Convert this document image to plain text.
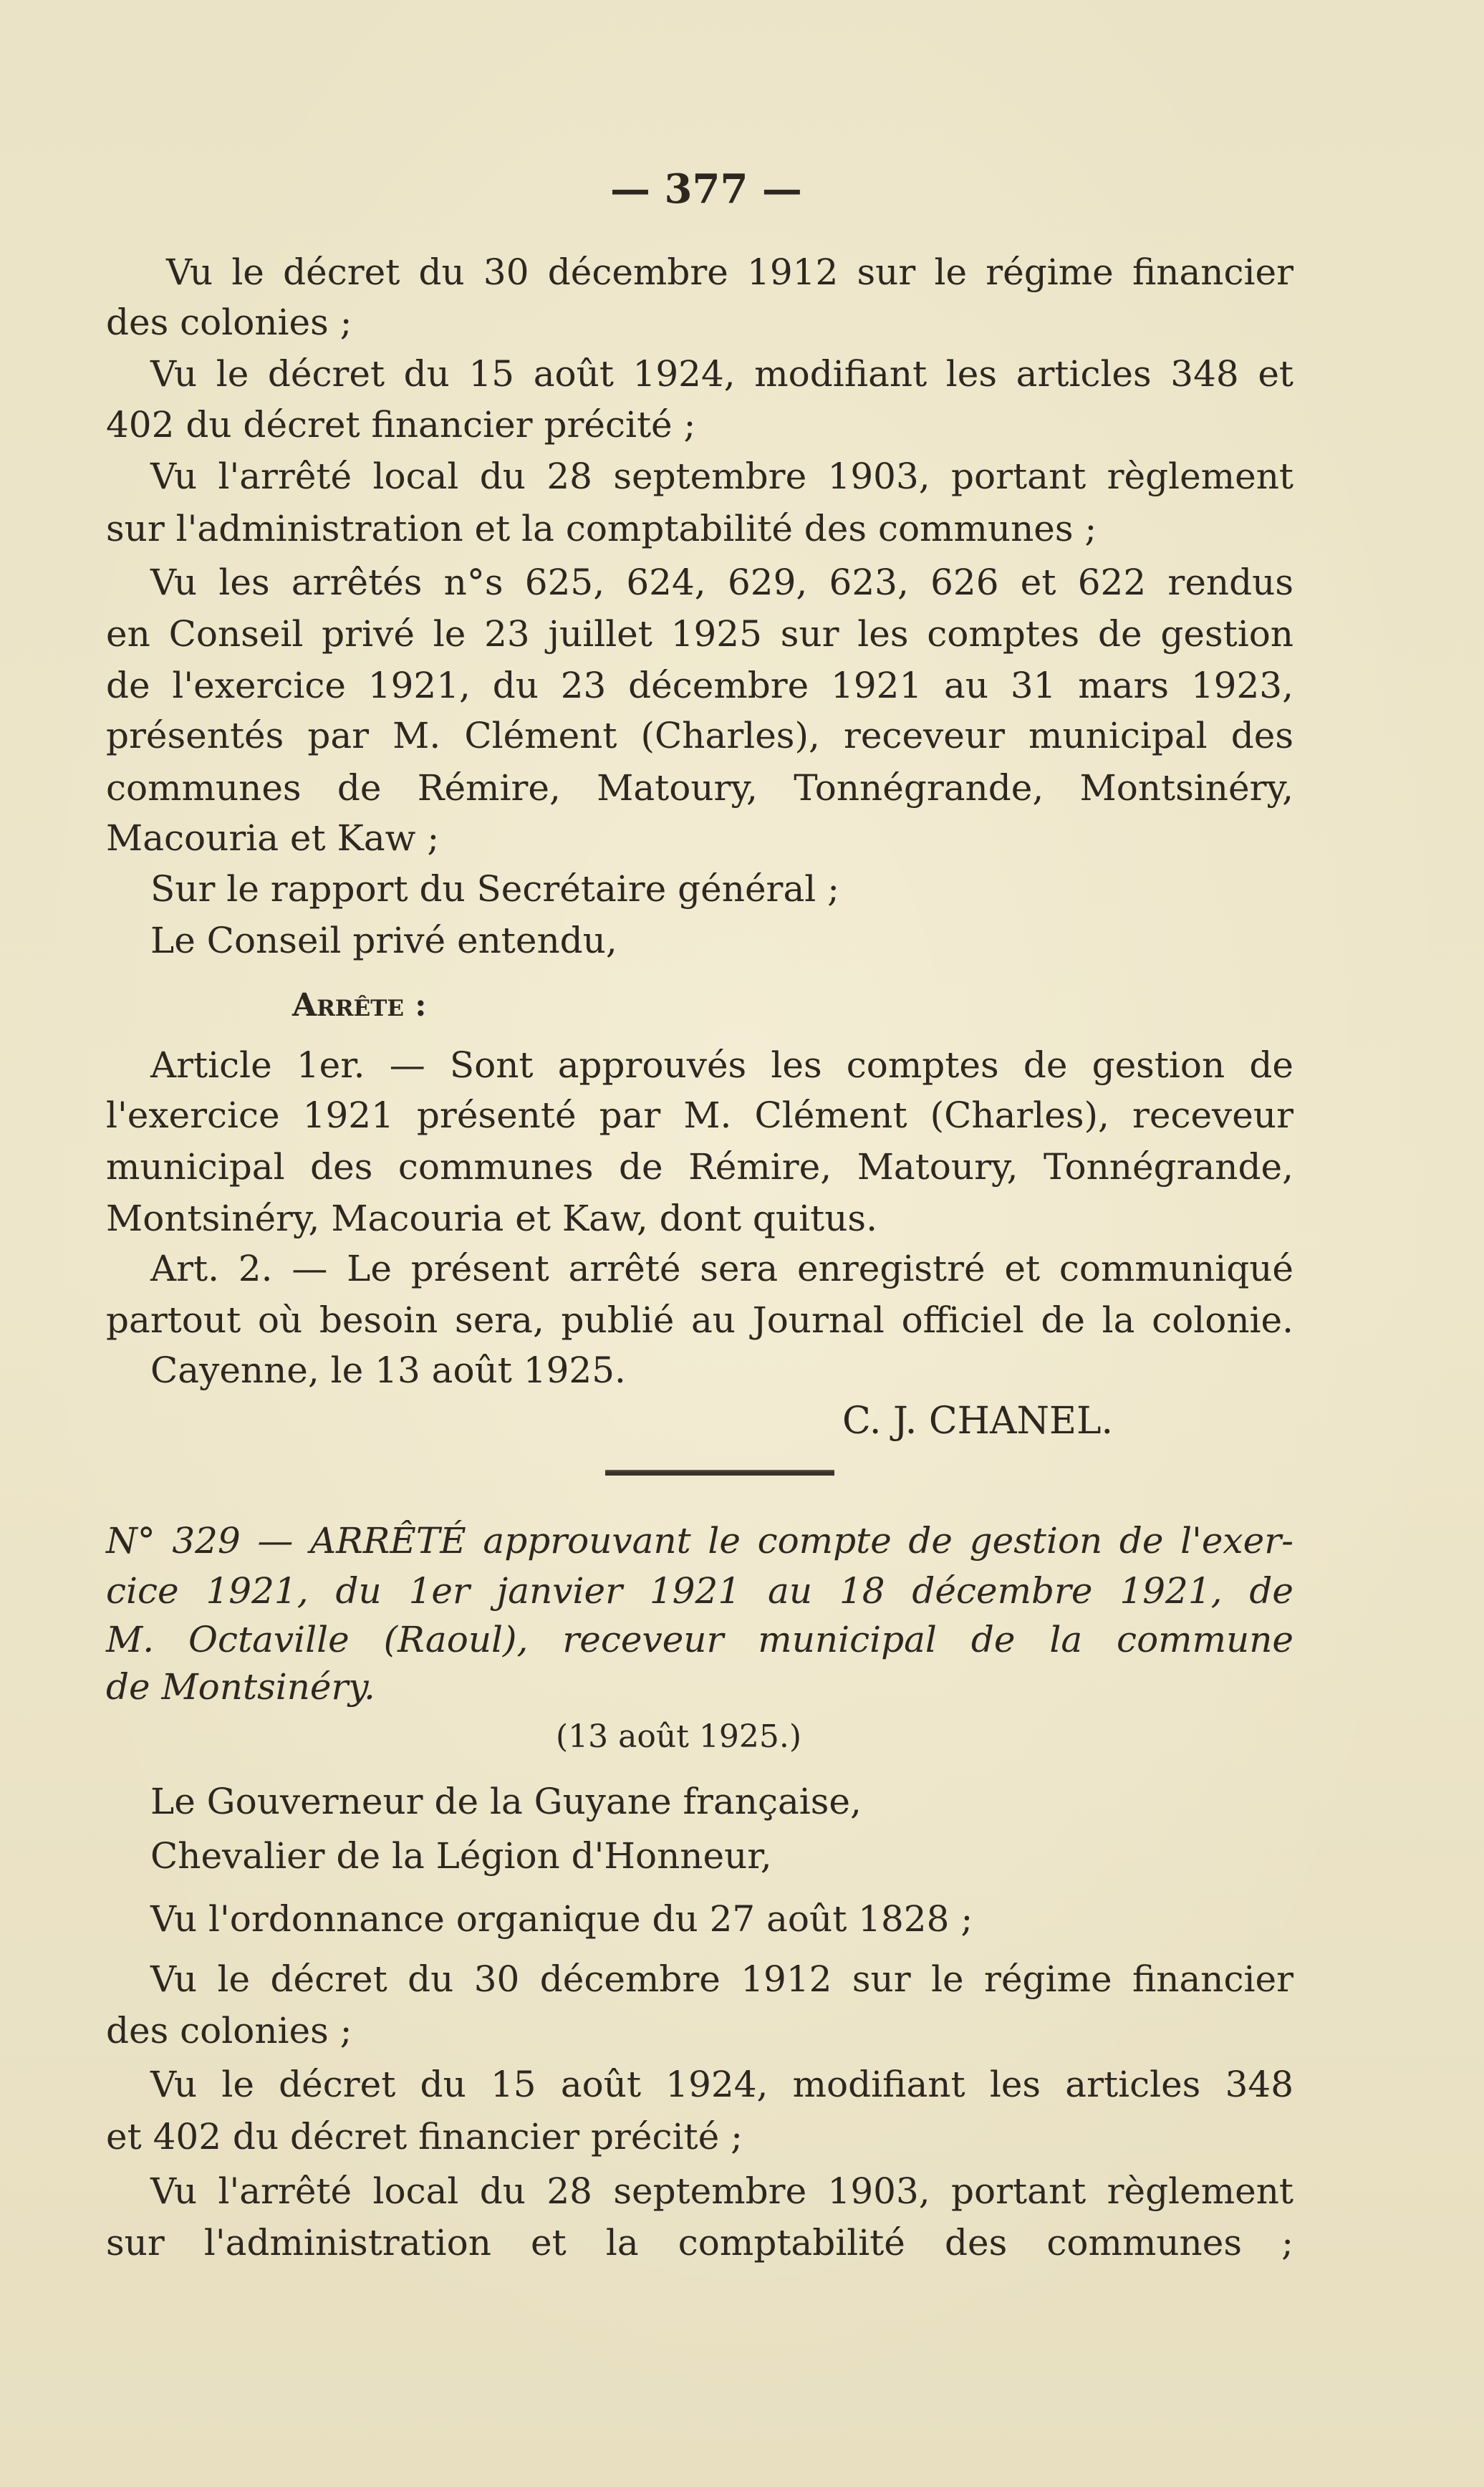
— 377 —
Vu le décret du 30 décembre 1912 sur le régime financier
des colonies ;
Vu le décret du 15 août 1924, modifiant les articles 348 et
402 du décret financier précité ;
Vu l'arrêté local du 28 septembre 1903, portant règlement
sur l'administration et la comptabilité des communes ;
Vu les arrêtés n°s 625, 624, 629, 623, 626 et 622 rendus
en Conseil privé le 23 juillet 1925 sur les comptes de gestion
de l'exercice 1921, du 23 décembre 1921 au 31 mars 1923,
présentés par M. Clément (Charles), receveur municipal des
communes de Rémire, Matoury, Tonnégrande, Montsinéry,
Macouria et Kaw ;
Sur le rapport du Secrétaire général ;
Le Conseil privé entendu,
Arrête :
Article 1er. — Sont approuvés les comptes de gestion de
l'exercice 1921 présenté par M. Clément (Charles), receveur
municipal des communes de Rémire, Matoury, Tonnégrande,
Montsinéry, Macouria et Kaw, dont quitus.
Art. 2. — Le présent arrêté sera enregistré et communiqué
partout où besoin sera, publié au Journal officiel de la colonie.
Cayenne, le 13 août 1925.
C. J. CHANEL.
N° 329 — ARRÊTÉ approuvant le compte de gestion de l'exer-
cice 1921, du 1er janvier 1921 au 18 décembre 1921, de
M. Octaville (Raoul), receveur municipal de la commune
de Montsinéry.
(13 août 1925.)
Le Gouverneur de la Guyane française,
Chevalier de la Légion d'Honneur,
Vu l'ordonnance organique du 27 août 1828 ;
Vu le décret du 30 décembre 1912 sur le régime financier
des colonies ;
Vu le décret du 15 août 1924, modifiant les articles 348
et 402 du décret financier précité ;
Vu l'arrêté local du 28 septembre 1903, portant règlement
sur l'administration et la comptabilité des communes ;
